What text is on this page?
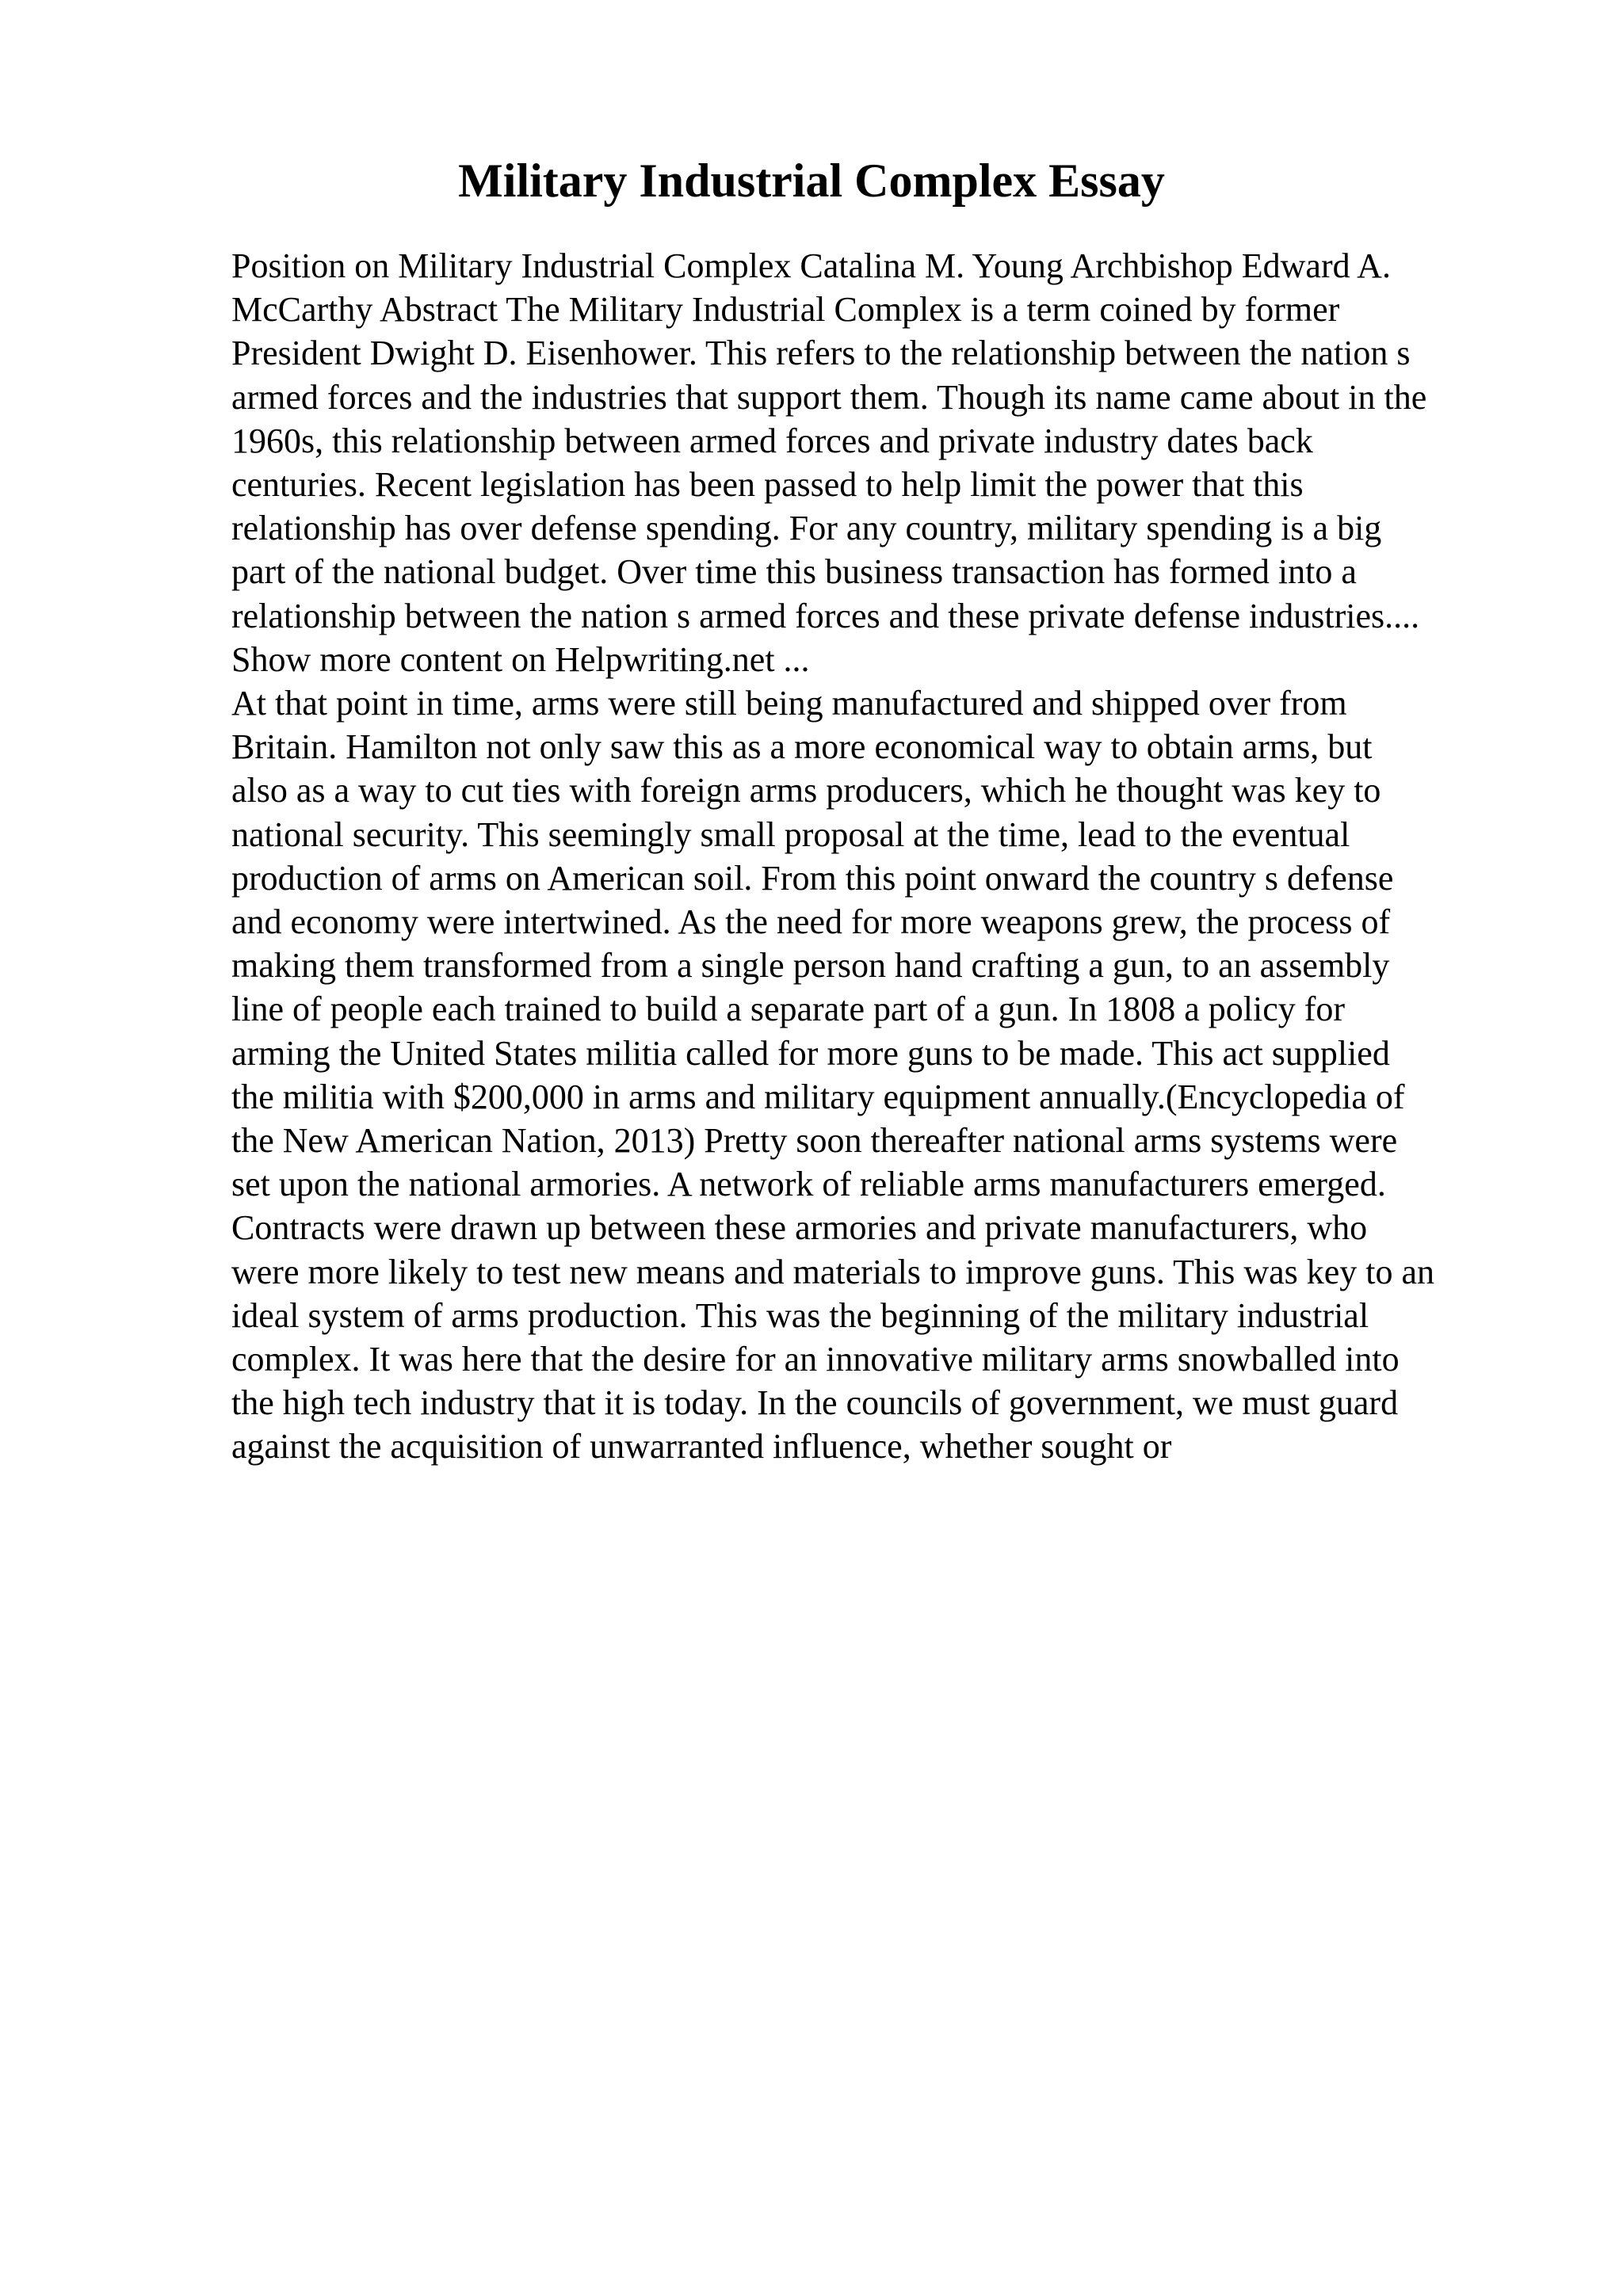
Military Industrial Complex Essay
Position on Military Industrial Complex Catalina M. Young Archbishop Edward A.
McCarthy Abstract The Military Industrial Complex is a term coined by former
President Dwight D. Eisenhower. This refers to the relationship between the nation s
armed forces and the industries that support them. Though its name came about in the
1960s, this relationship between armed forces and private industry dates back
centuries. Recent legislation has been passed to help limit the power that this
relationship has over defense spending. For any country, military spending is a big
part of the national budget. Over time this business transaction has formed into a
relationship between the nation s armed forces and these private defense industries....
Show more content on Helpwriting.net ...
At that point in time, arms were still being manufactured and shipped over from
Britain. Hamilton not only saw this as a more economical way to obtain arms, but
also as a way to cut ties with foreign arms producers, which he thought was key to
national security. This seemingly small proposal at the time, lead to the eventual
production of arms on American soil. From this point onward the country s defense
and economy were intertwined. As the need for more weapons grew, the process of
making them transformed from a single person hand crafting a gun, to an assembly
line of people each trained to build a separate part of a gun. In 1808 a policy for
arming the United States militia called for more guns to be made. This act supplied
the militia with $200,000 in arms and military equipment annually.(Encyclopedia of
the New American Nation, 2013) Pretty soon thereafter national arms systems were
set upon the national armories. A network of reliable arms manufacturers emerged.
Contracts were drawn up between these armories and private manufacturers, who
were more likely to test new means and materials to improve guns. This was key to an
ideal system of arms production. This was the beginning of the military industrial
complex. It was here that the desire for an innovative military arms snowballed into
the high tech industry that it is today. In the councils of government, we must guard
against the acquisition of unwarranted influence, whether sought or
